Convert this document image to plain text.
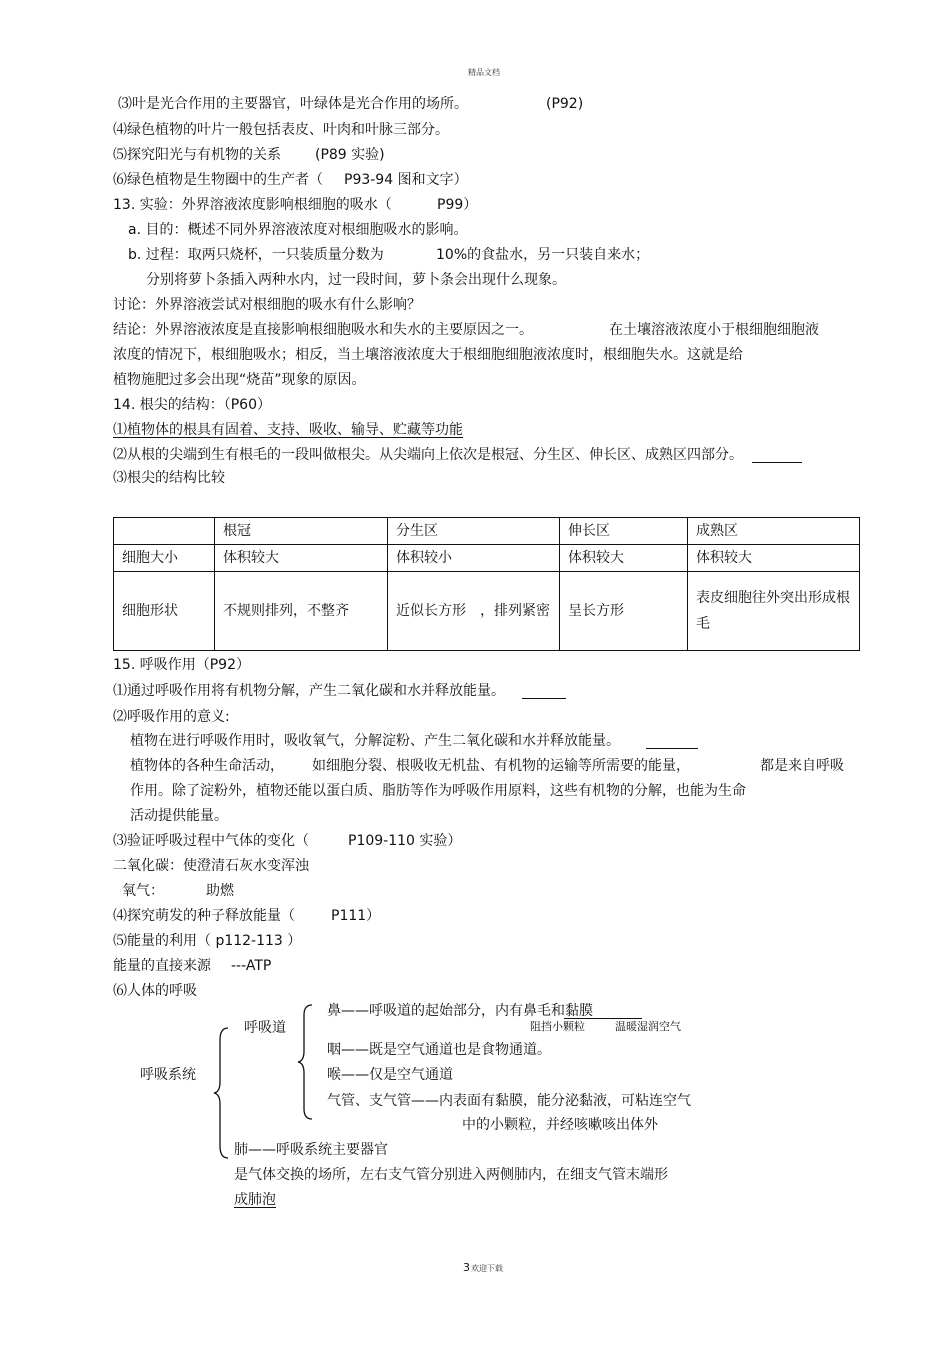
精品文档
⑶叶是光合作用的主要器官，叶绿体是光合作用的场所。	(P92)
⑷绿色植物的叶片一般包括表皮、叶肉和叶脉三部分。
⑸探究阳光与有机物的关系 (P89 实验)
⑹绿色植物是生物圈中的生产者（ P93-94 图和文字）
13. 实验：外界溶液浓度影响根细胞的吸水（	P99）
a. 目的：概述不同外界溶液浓度对根细胞吸水的影响。
b. 过程：取两只烧杯，一只装质量分数为	10%的食盐水，另一只装自来水；
分别将萝卜条插入两种水内，过一段时间，萝卜条会出现什么现象。
讨论：外界溶液尝试对根细胞的吸水有什么影响？
结论：外界溶液浓度是直接影响根细胞吸水和失水的主要原因之一。	在土壤溶液浓度小于根细胞细胞液
浓度的情况下，根细胞吸水；相反，当土壤溶液浓度大于根细胞细胞液浓度时，根细胞失水。这就是给
植物施肥过多会出现“烧苗”现象的原因。
14. 根尖的结构：（P60）
⑴植物体的根具有固着、支持、吸收、输导、贮藏等功能
⑵从根的尖端到生有根毛的一段叫做根尖。从尖端向上依次是根冠、分生区、伸长区、成熟区四部分。
⑶根尖的结构比较
	根冠	分生区	伸长区	成熟区
细胞大小	体积较大	体积较小	体积较大	体积较大
细胞形状	不规则排列，不整齐	近似长方形　，排列紧密	呈长方形	表皮细胞往外突出形成根毛
15. 呼吸作用（P92）
⑴通过呼吸作用将有机物分解，产生二氧化碳和水并释放能量。
⑵呼吸作用的意义:
植物在进行呼吸作用时，吸收氧气，分解淀粉、产生二氧化碳和水并释放能量。
植物体的各种生命活动， 如细胞分裂、根吸收无机盐、有机物的运输等所需要的能量，	都是来自呼吸
作用。除了淀粉外，植物还能以蛋白质、脂肪等作为呼吸作用原料，这些有机物的分解，也能为生命
活动提供能量。
⑶验证呼吸过程中气体的变化（	P109-110 实验）
二氧化碳：使澄清石灰水变浑浊
氧气：	助燃
⑷探究萌发的种子释放能量（	P111）
⑸能量的利用（ p112-113 ）
能量的直接来源 ---ATP
⑹人体的呼吸
呼吸系统
呼吸道
鼻——呼吸道的起始部分，内有鼻毛和黏膜
阻挡小颗粒	温暖湿润空气
咽——既是空气通道也是食物通道。
喉——仅是空气通道
气管、支气管——内表面有黏膜，能分泌黏液，可粘连空气
中的小颗粒，并经咳嗽咳出体外
肺——呼吸系统主要器官
是气体交换的场所，左右支气管分别进入两侧肺内，在细支气管末端形
成肺泡
3 欢迎下载
